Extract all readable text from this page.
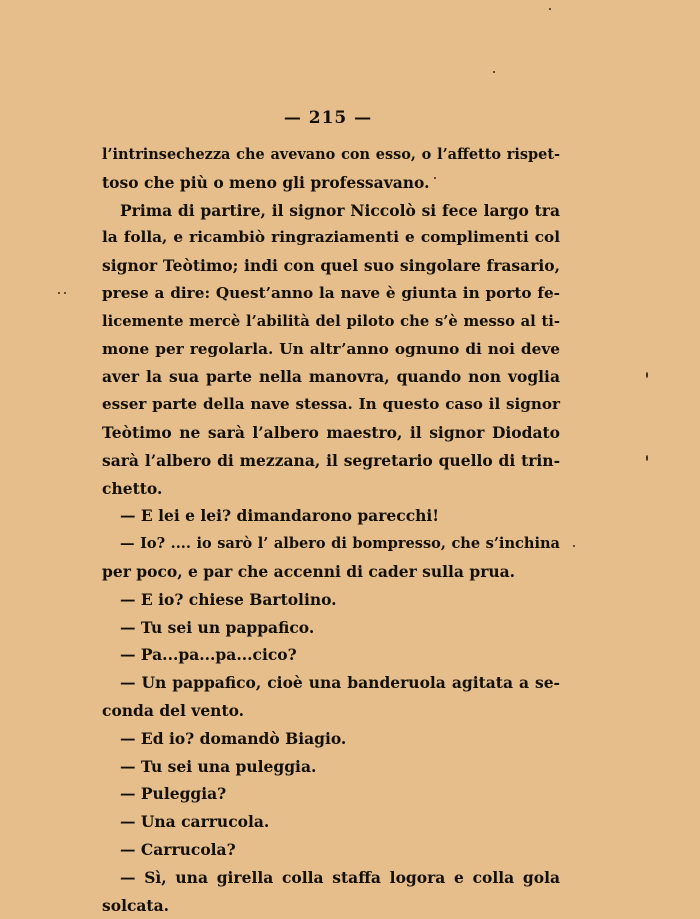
— 215 —
l’intrinsechezza che avevano con esso, o l’affetto rispet-
toso che più o meno gli professavano.
Prima di partire, il signor Niccolò si fece largo tra
la folla, e ricambiò ringraziamenti e complimenti col
signor Teòtimo; indi con quel suo singolare frasario,
prese a dire: Quest’anno la nave è giunta in porto fe-
licemente mercè l’abilità del piloto che s’è messo al ti-
mone per regolarla. Un altr’anno ognuno di noi deve
aver la sua parte nella manovra, quando non voglia
esser parte della nave stessa. In questo caso il signor
Teòtimo ne sarà l’albero maestro, il signor Diodato
sarà l’albero di mezzana, il segretario quello di trin-
chetto.
— E lei e lei? dimandarono parecchi!
— Io? .... io sarò l’ albero di bompresso, che s’inchina
per poco, e par che accenni di cader sulla prua.
— E io? chiese Bartolino.
— Tu sei un pappafico.
— Pa...pa...pa...cico?
— Un pappafico, cioè una banderuola agitata a se-
conda del vento.
— Ed io? domandò Biagio.
— Tu sei una puleggia.
— Puleggia?
— Una carrucola.
— Carrucola?
— Sì, una girella colla staffa logora e colla gola
solcata.
